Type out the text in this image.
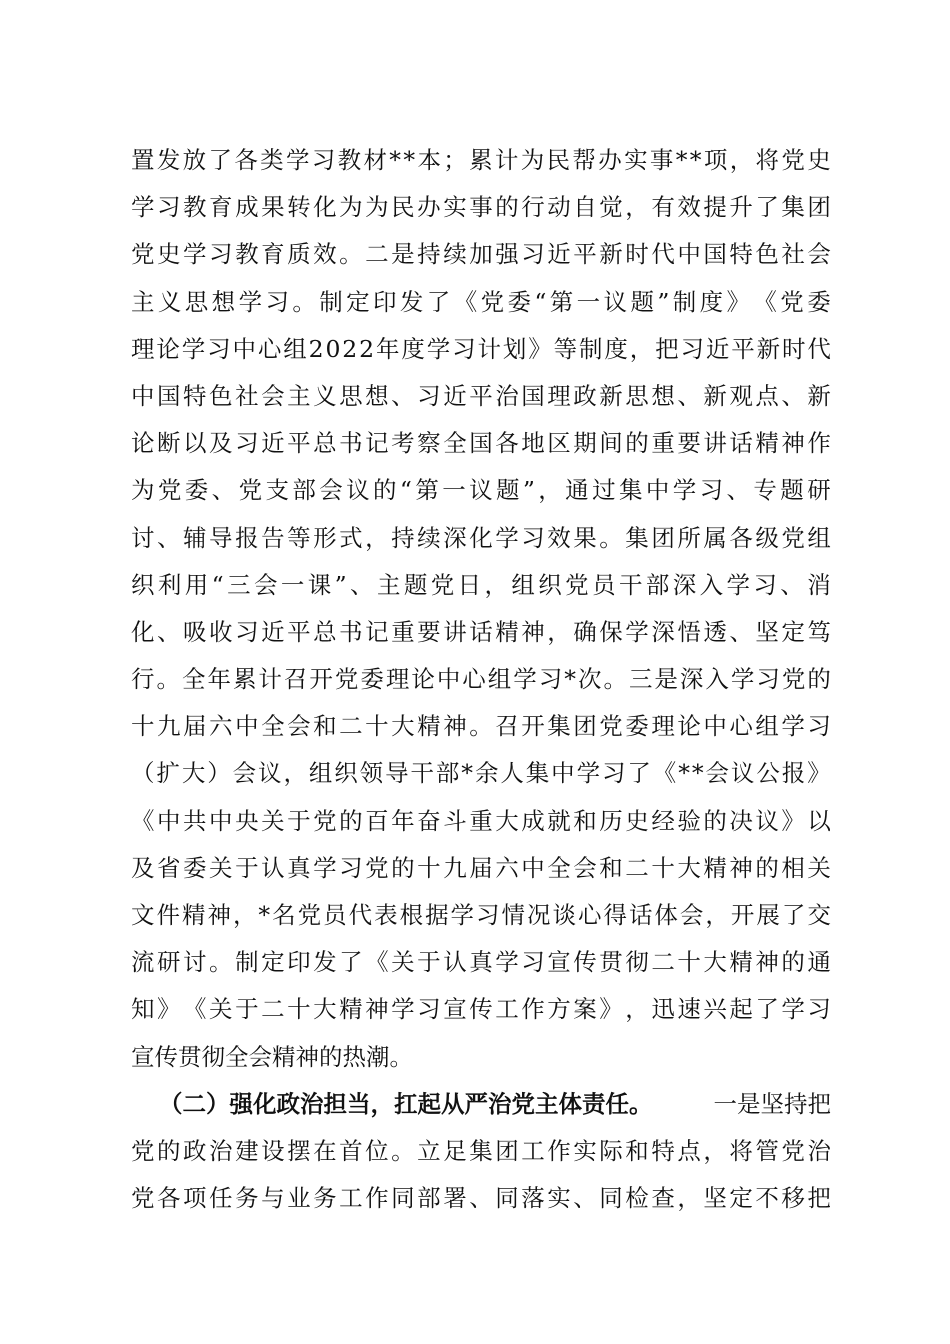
置 发 放 了 各 类 学 习 教 材 * * 本 ； 累 计 为 民 帮 办 实 事 * * 项 ， 将 党 史
学 习 教 育 成 果 转 化 为 为 民 办 实 事 的 行 动 自 觉 ， 有 效 提 升 了 集 团
党 史 学 习 教 育 质 效 。 二 是 持 续 加 强 习 近 平 新 时 代 中 国 特 色 社 会
主 义 思 想 学 习 。 制 定 印 发 了 《 党 委 “ 第 一 议 题 ” 制 度 》 《 党 委
理 论 学 习 中 心 组 2 0 2 2 年 度 学 习 计 划 》 等 制 度 ， 把 习 近 平 新 时 代
中 国 特 色 社 会 主 义 思 想 、 习 近 平 治 国 理 政 新 思 想 、 新 观 点 、 新
论 断 以 及 习 近 平 总 书 记 考 察 全 国 各 地 区 期 间 的 重 要 讲 话 精 神 作
为 党 委 、 党 支 部 会 议 的 “ 第 一 议 题 ” ， 通 过 集 中 学 习 、 专 题 研
讨 、 辅 导 报 告 等 形 式 ， 持 续 深 化 学 习 效 果 。 集 团 所 属 各 级 党 组
织 利 用 “ 三 会 一 课 ” 、 主 题 党 日 ， 组 织 党 员 干 部 深 入 学 习 、 消
化 、 吸 收 习 近 平 总 书 记 重 要 讲 话 精 神 ， 确 保 学 深 悟 透 、 坚 定 笃
行 。 全 年 累 计 召 开 党 委 理 论 中 心 组 学 习 * 次 。 三 是 深 入 学 习 党 的
十 九 届 六 中 全 会 和 二 十 大 精 神 。 召 开 集 团 党 委 理 论 中 心 组 学 习
（ 扩 大 ） 会 议 ， 组 织 领 导 干 部 * 余 人 集 中 学 习 了 《 * * 会 议 公 报 》
《 中 共 中 央 关 于 党 的 百 年 奋 斗 重 大 成 就 和 历 史 经 验 的 决 议 》 以
及 省 委 关 于 认 真 学 习 党 的 十 九 届 六 中 全 会 和 二 十 大 精 神 的 相 关
文 件 精 神 ， * 名 党 员 代 表 根 据 学 习 情 况 谈 心 得 话 体 会 ， 开 展 了 交
流 研 讨 。 制 定 印 发 了 《 关 于 认 真 学 习 宣 传 贯 彻 二 十 大 精 神 的 通
知 》 《 关 于 二 十 大 精 神 学 习 宣 传 工 作 方 案 》 ， 迅 速 兴 起 了 学 习
宣传贯彻全会精神的热潮。
（二）强化政治担当，扛起从严治党主体责任。	一是坚持把
党 的 政 治 建 设 摆 在 首 位 。 立 足 集 团 工 作 实 际 和 特 点 ， 将 管 党 治
党 各 项 任 务 与 业 务 工 作 同 部 署 、 同 落 实 、 同 检 查 ， 坚 定 不 移 把
